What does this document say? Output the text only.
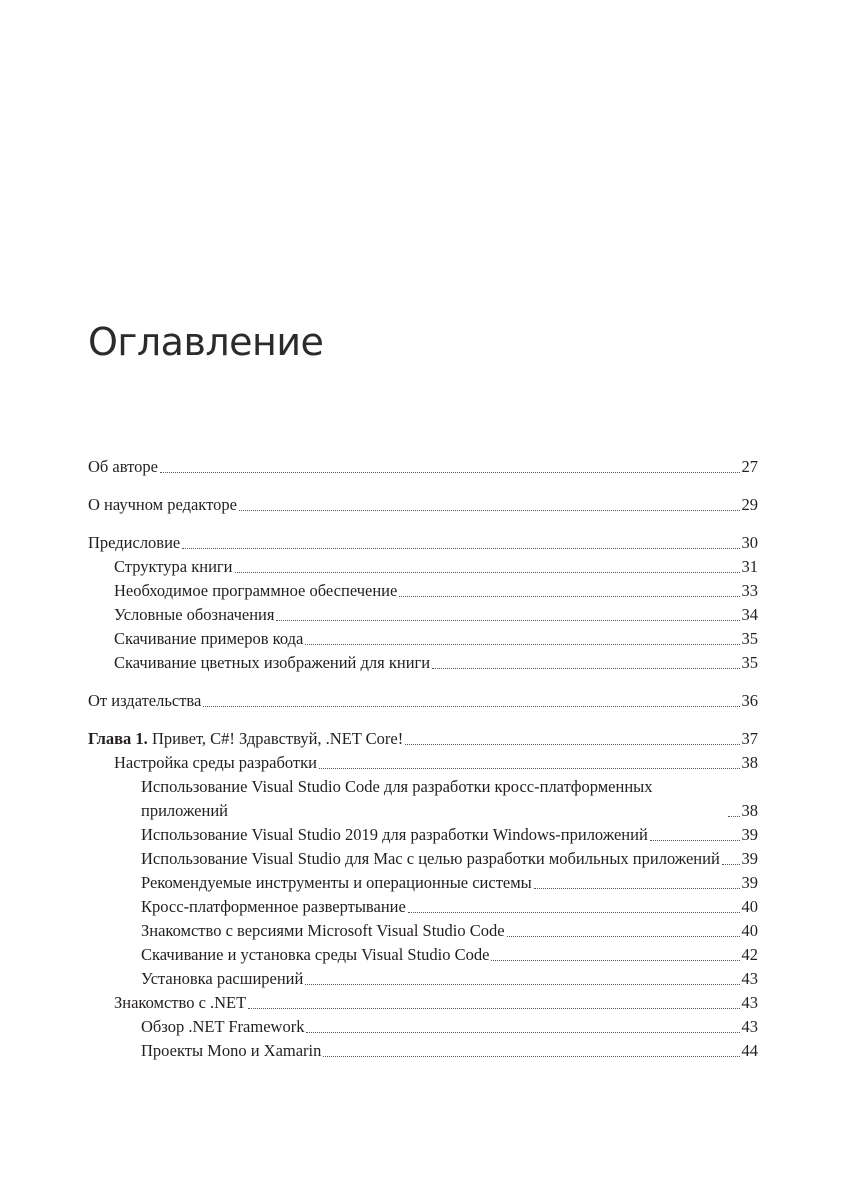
Оглавление
Об авторе	27
О научном редакторе	29
Предисловие	30
Структура книги	31
Необходимое программное обеспечение	33
Условные обозначения	34
Скачивание примеров кода	35
Скачивание цветных изображений для книги	35
От издательства	36
Глава 1. Привет, C#! Здравствуй, .NET Core!	37
Настройка среды разработки	38
Использование Visual Studio Code для разработки кросс-платформенных приложений	38
Использование Visual Studio 2019 для разработки Windows-приложений	39
Использование Visual Studio для Mac с целью разработки мобильных приложений 39
Рекомендуемые инструменты и операционные системы	39
Кросс-платформенное развертывание	40
Знакомство с версиями Microsoft Visual Studio Code	40
Скачивание и установка среды Visual Studio Code	42
Установка расширений	43
Знакомство с .NET	43
Обзор .NET Framework	43
Проекты Mono и Xamarin	44
